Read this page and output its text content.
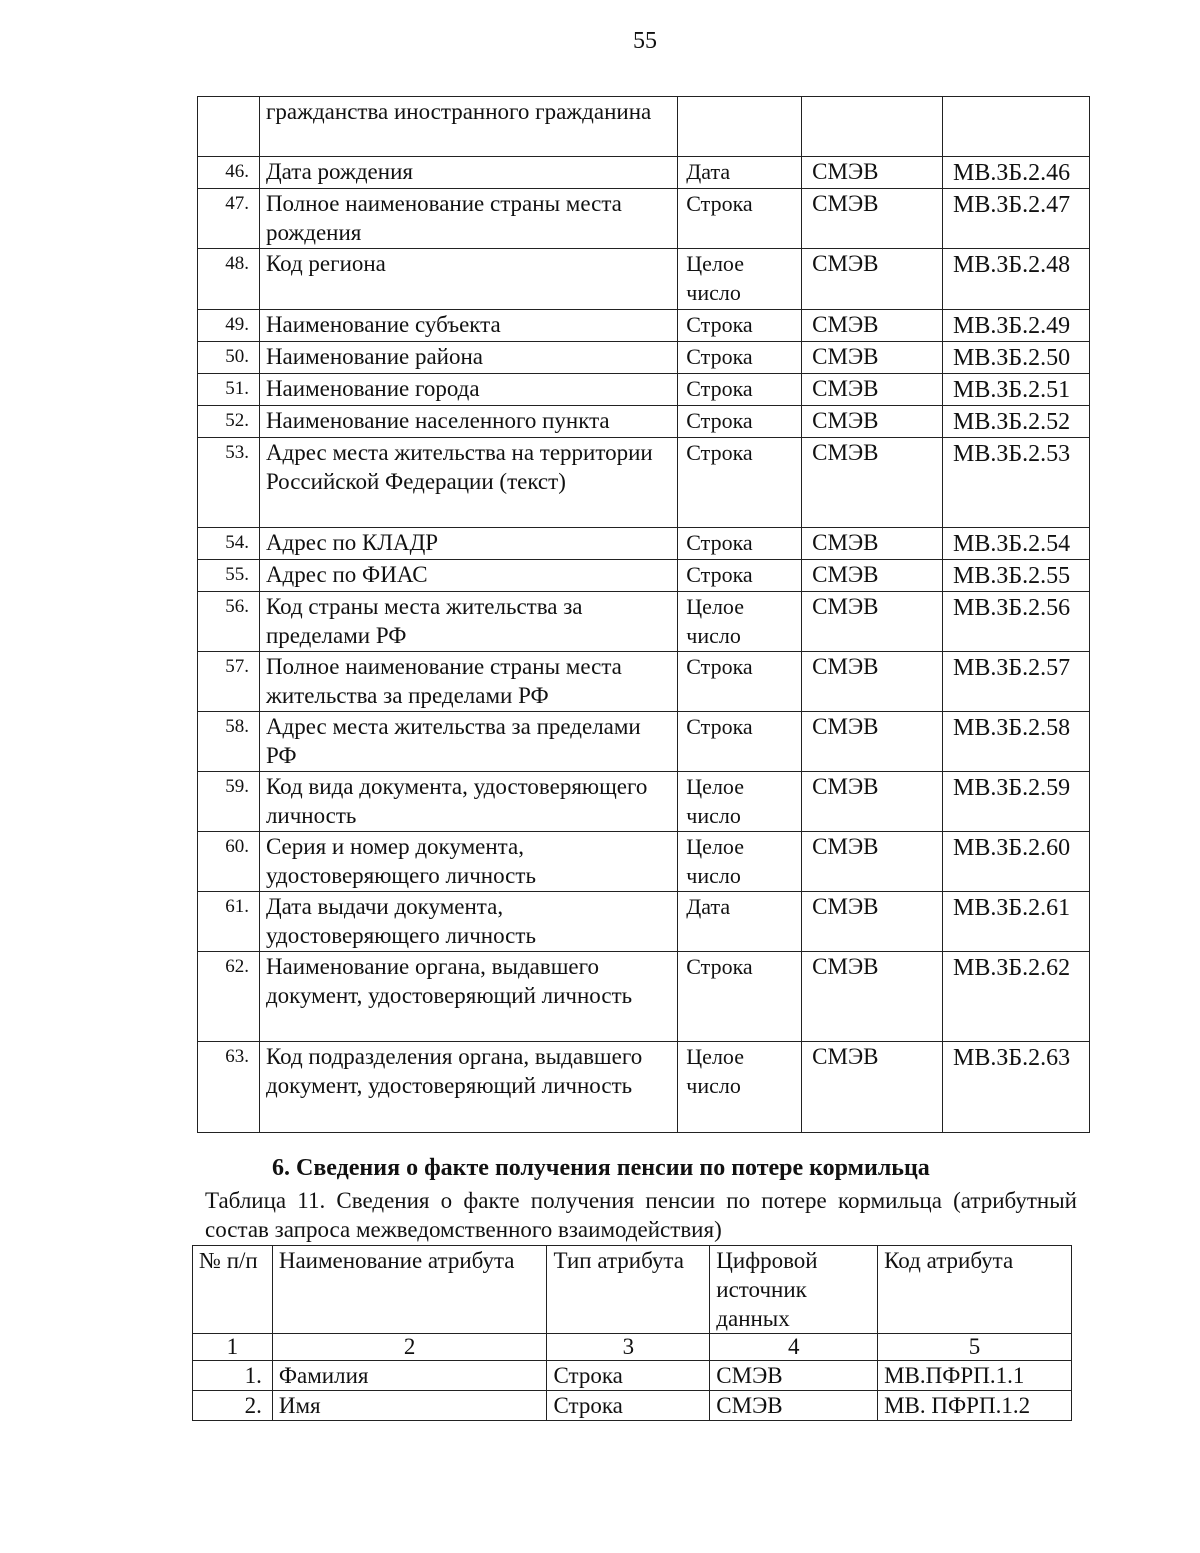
55
	гражданства иностранного гражданина			
46.	Дата рождения	Дата	СМЭВ	МВ.ЗБ.2.46
47.	Полное наименование страны места рождения	Строка	СМЭВ	МВ.ЗБ.2.47
48.	Код региона	Целое число	СМЭВ	МВ.ЗБ.2.48
49.	Наименование субъекта	Строка	СМЭВ	МВ.ЗБ.2.49
50.	Наименование района	Строка	СМЭВ	МВ.ЗБ.2.50
51.	Наименование города	Строка	СМЭВ	МВ.ЗБ.2.51
52.	Наименование населенного пункта	Строка	СМЭВ	МВ.ЗБ.2.52
53.	Адрес места жительства на территории Российской Федерации (текст)	Строка	СМЭВ	МВ.ЗБ.2.53
54.	Адрес по КЛАДР	Строка	СМЭВ	МВ.ЗБ.2.54
55.	Адрес по ФИАС	Строка	СМЭВ	МВ.ЗБ.2.55
56.	Код страны места жительства за пределами РФ	Целое число	СМЭВ	МВ.ЗБ.2.56
57.	Полное наименование страны места жительства за пределами РФ	Строка	СМЭВ	МВ.ЗБ.2.57
58.	Адрес места жительства за пределами РФ	Строка	СМЭВ	МВ.ЗБ.2.58
59.	Код вида документа, удостоверяющего личность	Целое число	СМЭВ	МВ.ЗБ.2.59
60.	Серия и номер документа, удостоверяющего личность	Целое число	СМЭВ	МВ.ЗБ.2.60
61.	Дата выдачи документа, удостоверяющего личность	Дата	СМЭВ	МВ.ЗБ.2.61
62.	Наименование органа, выдавшего документ, удостоверяющий личность	Строка	СМЭВ	МВ.ЗБ.2.62
63.	Код подразделения органа, выдавшего документ, удостоверяющий личность	Целое число	СМЭВ	МВ.ЗБ.2.63
6. Сведения о факте получения пенсии по потере кормильца
Таблица 11. Сведения о факте получения пенсии по потере кормильца (атрибутный состав запроса межведомственного взаимодействия)
№ п/п	Наименование атрибута	Тип атрибута	Цифровой источник данных	Код атрибута
1	2	3	4	5
1.	Фамилия	Строка	СМЭВ	МВ.ПФРП.1.1
2.	Имя	Строка	СМЭВ	МВ. ПФРП.1.2
